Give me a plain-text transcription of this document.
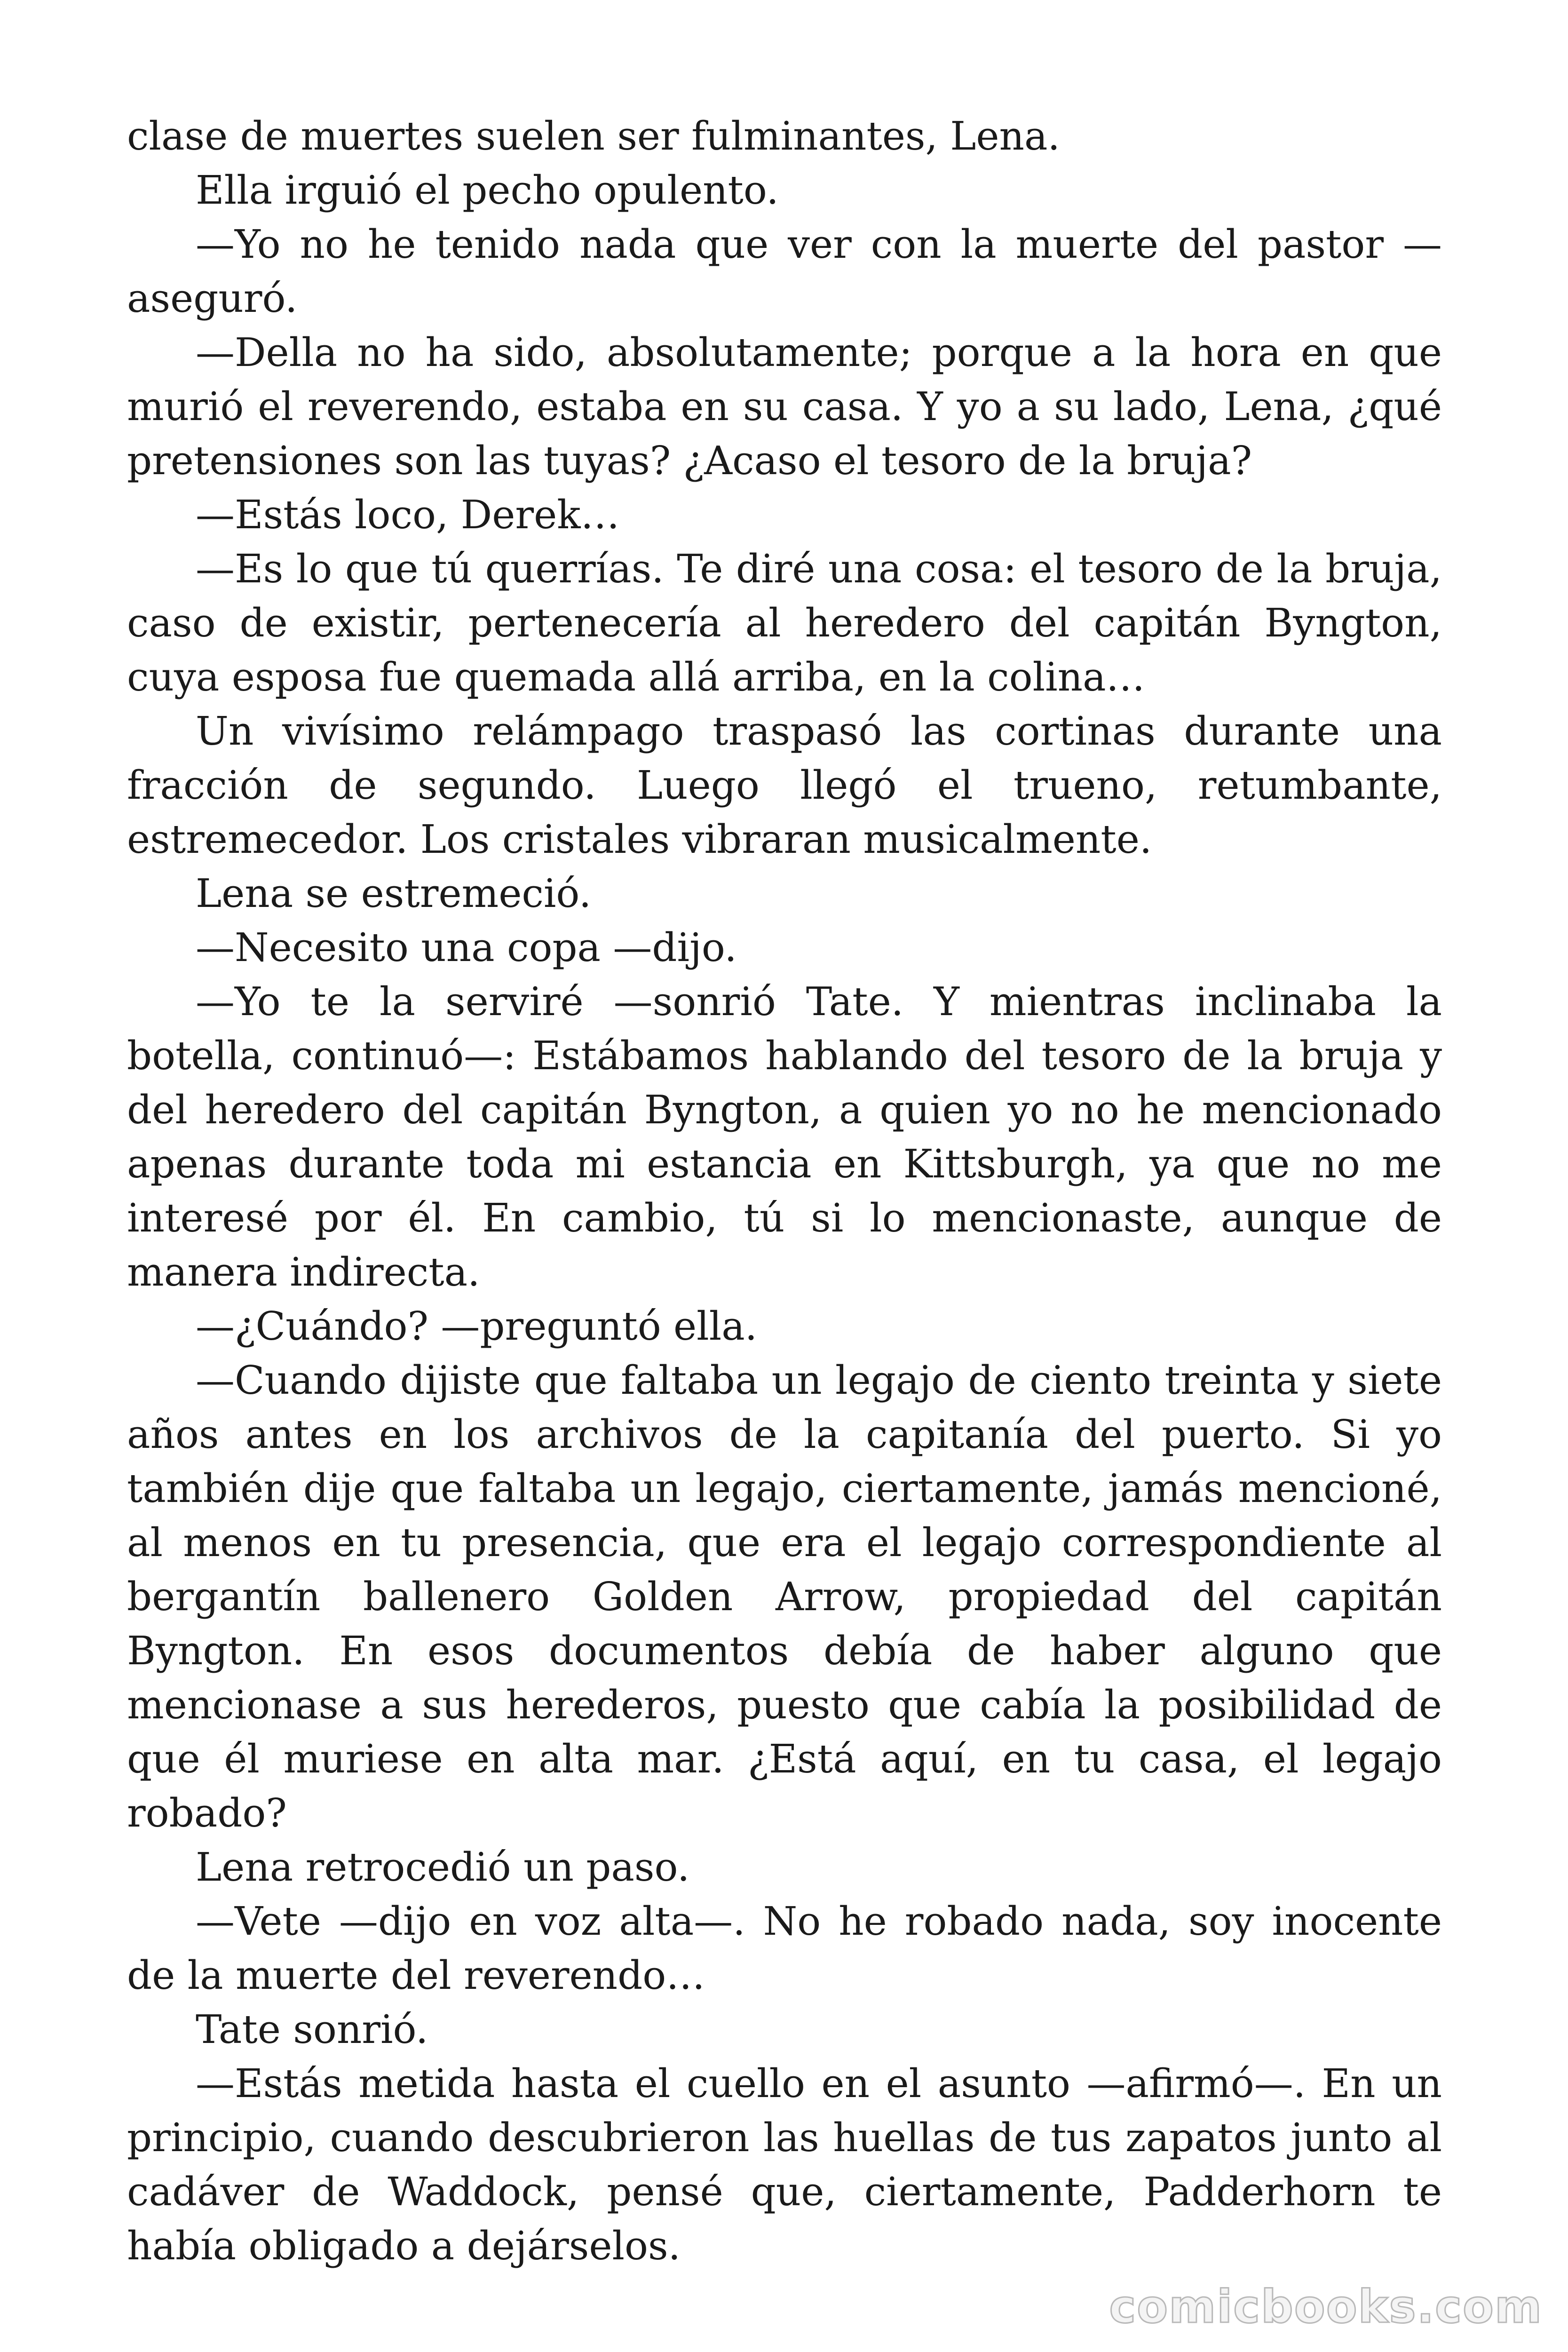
clase de muertes suelen ser fulminantes, Lena.

Ella irguió el pecho opulento.

—Yo no he tenido nada que ver con la muerte del pastor —aseguró.

—Della no ha sido, absolutamente; porque a la hora en que murió el reverendo, estaba en su casa. Y yo a su lado, Lena, ¿qué pretensiones son las tuyas? ¿Acaso el tesoro de la bruja?

—Estás loco, Derek…

—Es lo que tú querrías. Te diré una cosa: el tesoro de la bruja, caso de existir, pertenecería al heredero del capitán Byngton, cuya esposa fue quemada allá arriba, en la colina…

Un vivísimo relámpago traspasó las cortinas durante una fracción de segundo. Luego llegó el trueno, retumbante, estremecedor. Los cristales vibraran musicalmente.

Lena se estremeció.

—Necesito una copa —dijo.

—Yo te la serviré —sonrió Tate. Y mientras inclinaba la botella, continuó—: Estábamos hablando del tesoro de la bruja y del heredero del capitán Byngton, a quien yo no he mencionado apenas durante toda mi estancia en Kittsburgh, ya que no me interesé por él. En cambio, tú si lo mencionaste, aunque de manera indirecta.

—¿Cuándo? —preguntó ella.

—Cuando dijiste que faltaba un legajo de ciento treinta y siete años antes en los archivos de la capitanía del puerto. Si yo también dije que faltaba un legajo, ciertamente, jamás mencioné, al menos en tu presencia, que era el legajo correspondiente al bergantín ballenero Golden Arrow, propiedad del capitán Byngton. En esos documentos debía de haber alguno que mencionase a sus herederos, puesto que cabía la posibilidad de que él muriese en alta mar. ¿Está aquí, en tu casa, el legajo robado?

Lena retrocedió un paso.

—Vete —dijo en voz alta—. No he robado nada, soy inocente de la muerte del reverendo…

Tate sonrió.

—Estás metida hasta el cuello en el asunto —afirmó—. En un principio, cuando descubrieron las huellas de tus zapatos junto al cadáver de Waddock, pensé que, ciertamente, Padderhorn te había obligado a dejárselos.

comicbooks.com
